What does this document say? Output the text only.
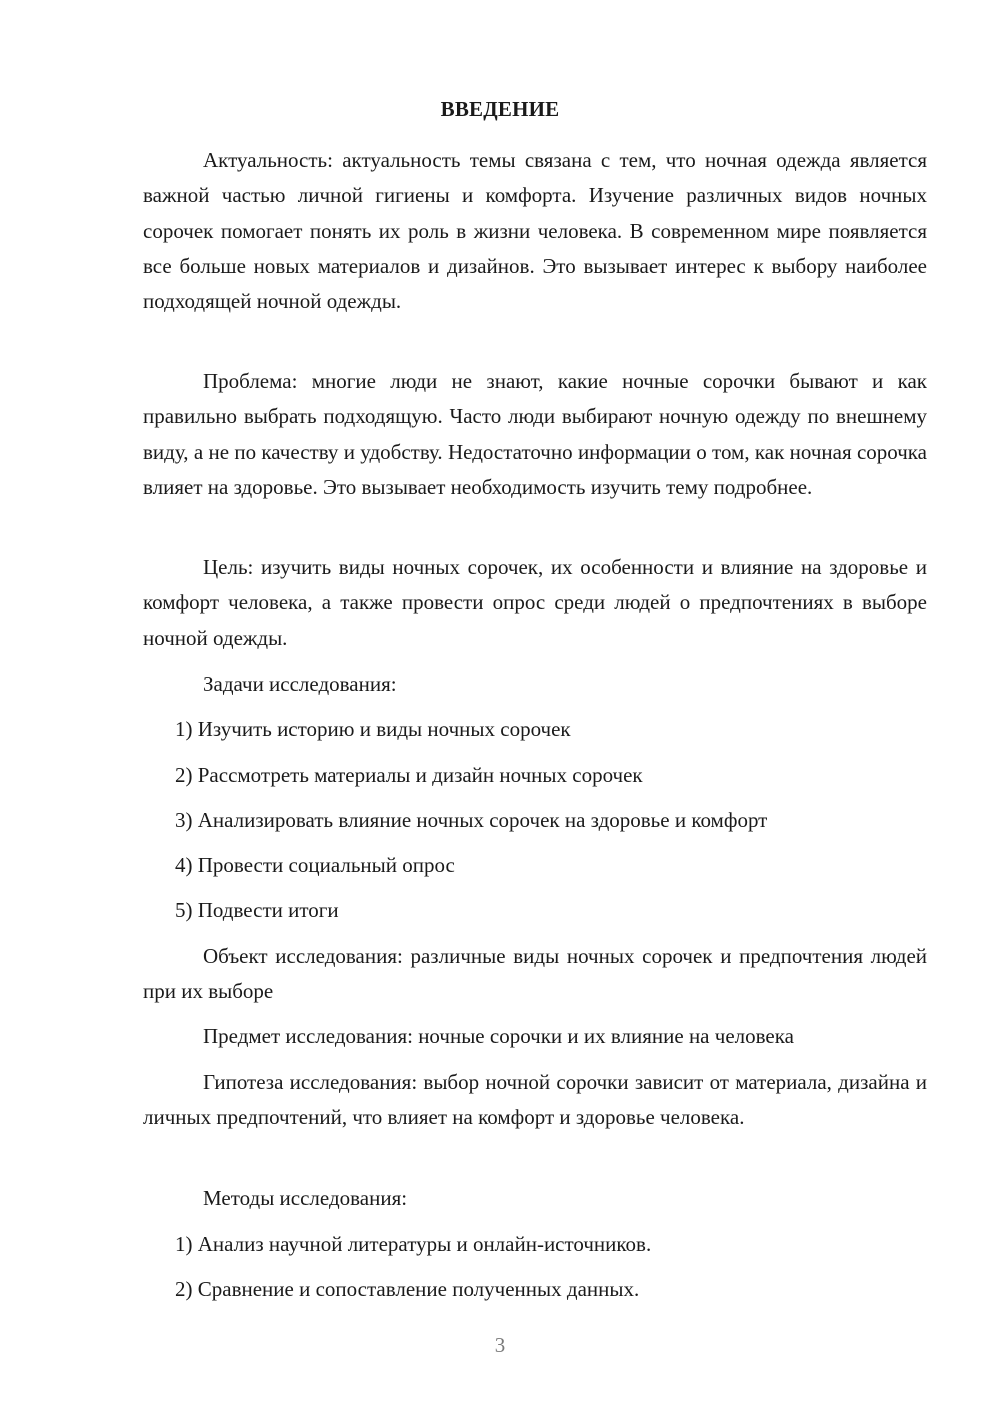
ВВЕДЕНИЕ

Актуальность: актуальность темы связана с тем, что ночная одежда является важной частью личной гигиены и комфорта. Изучение различных видов ночных сорочек помогает понять их роль в жизни человека. В современном мире появляется все больше новых материалов и дизайнов. Это вызывает интерес к выбору наиболее подходящей ночной одежды.

Проблема: многие люди не знают, какие ночные сорочки бывают и как правильно выбрать подходящую. Часто люди выбирают ночную одежду по внешнему виду, а не по качеству и удобству. Недостаточно информации о том, как ночная сорочка влияет на здоровье. Это вызывает необходимость изучить тему подробнее.

Цель: изучить виды ночных сорочек, их особенности и влияние на здоровье и комфорт человека, а также провести опрос среди людей о предпочтениях в выборе ночной одежды.

Задачи исследования:

1) Изучить историю и виды ночных сорочек

2) Рассмотреть материалы и дизайн ночных сорочек

3) Анализировать влияние ночных сорочек на здоровье и комфорт

4) Провести социальный опрос

5) Подвести итоги

Объект исследования: различные виды ночных сорочек и предпочтения людей при их выборе

Предмет исследования: ночные сорочки и их влияние на человека

Гипотеза исследования: выбор ночной сорочки зависит от материала, дизайна и личных предпочтений, что влияет на комфорт и здоровье человека.

Методы исследования:

1) Анализ научной литературы и онлайн-источников.

2) Сравнение и сопоставление полученных данных.

3
